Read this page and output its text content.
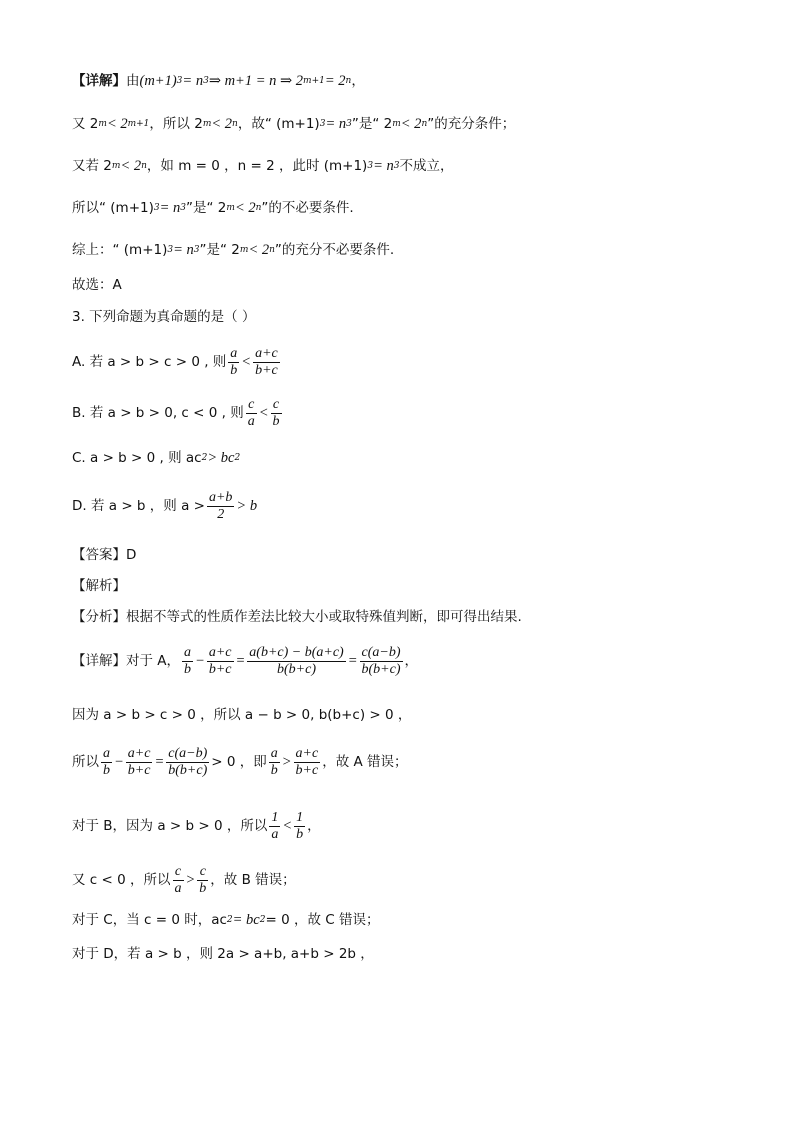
【详解】 由 (m+1) 3 = n 3 ⇒ m+1 = n ⇒ 2 m+1 = 2 n ，
又 2 m < 2 m+1 ，所以 2 m < 2 n ，故“ (m+1) 3 = n 3 ”是“ 2 m < 2 n ”的充分条件；
又若 2 m < 2 n ，如 m = 0 ，n = 2 ，此时 (m+1) 3 = n 3 不成立，
所以“ (m+1) 3 = n 3 ”是“ 2 m < 2 n ”的不必要条件.
综上：“ (m+1) 3 = n 3 ”是“ 2 m < 2 n ”的充分不必要条件.
故选：A
3. 下列命题为真命题的是（ ）
A. 若 a > b > c > 0 , 则 $\frac{a}{b} < \frac{a+c}{b+c}$
B. 若 a > b > 0, c < 0 , 则 $\frac{c}{a} < \frac{c}{b}$
C. a > b > 0 , 则 ac 2 > bc 2
D. 若 a > b ，则 $a > \frac{a+b}{2} > b$
【答案】D
【解析】
【分析】根据不等式的性质作差法比较大小或取特殊值判断，即可得出结果.
【详解】对于 A， $\frac{a}{b} - \frac{a+c}{b+c} = \frac{a(b+c) - b(a+c)}{b(b+c)} = \frac{c(a-b)}{b(b+c)}$ ，
因为 a > b > c > 0 ，所以 a − b > 0, b(b+c) > 0 ，
所以 $\frac{a}{b} - \frac{a+c}{b+c} = \frac{c(a-b)}{b(b+c)} > 0$ ，即 $\frac{a}{b} > \frac{a+c}{b+c}$ ，故 A 错误；
对于 B，因为 a > b > 0 ，所以 $\frac{1}{a} < \frac{1}{b}$ ，
又 c < 0 ，所以 $\frac{c}{a} > \frac{c}{b}$ ，故 B 错误；
对于 C，当 c = 0 时，ac 2 = bc 2 = 0 ，故 C 错误；
对于 D，若 a > b ，则 2a > a+b, a+b > 2b ，
